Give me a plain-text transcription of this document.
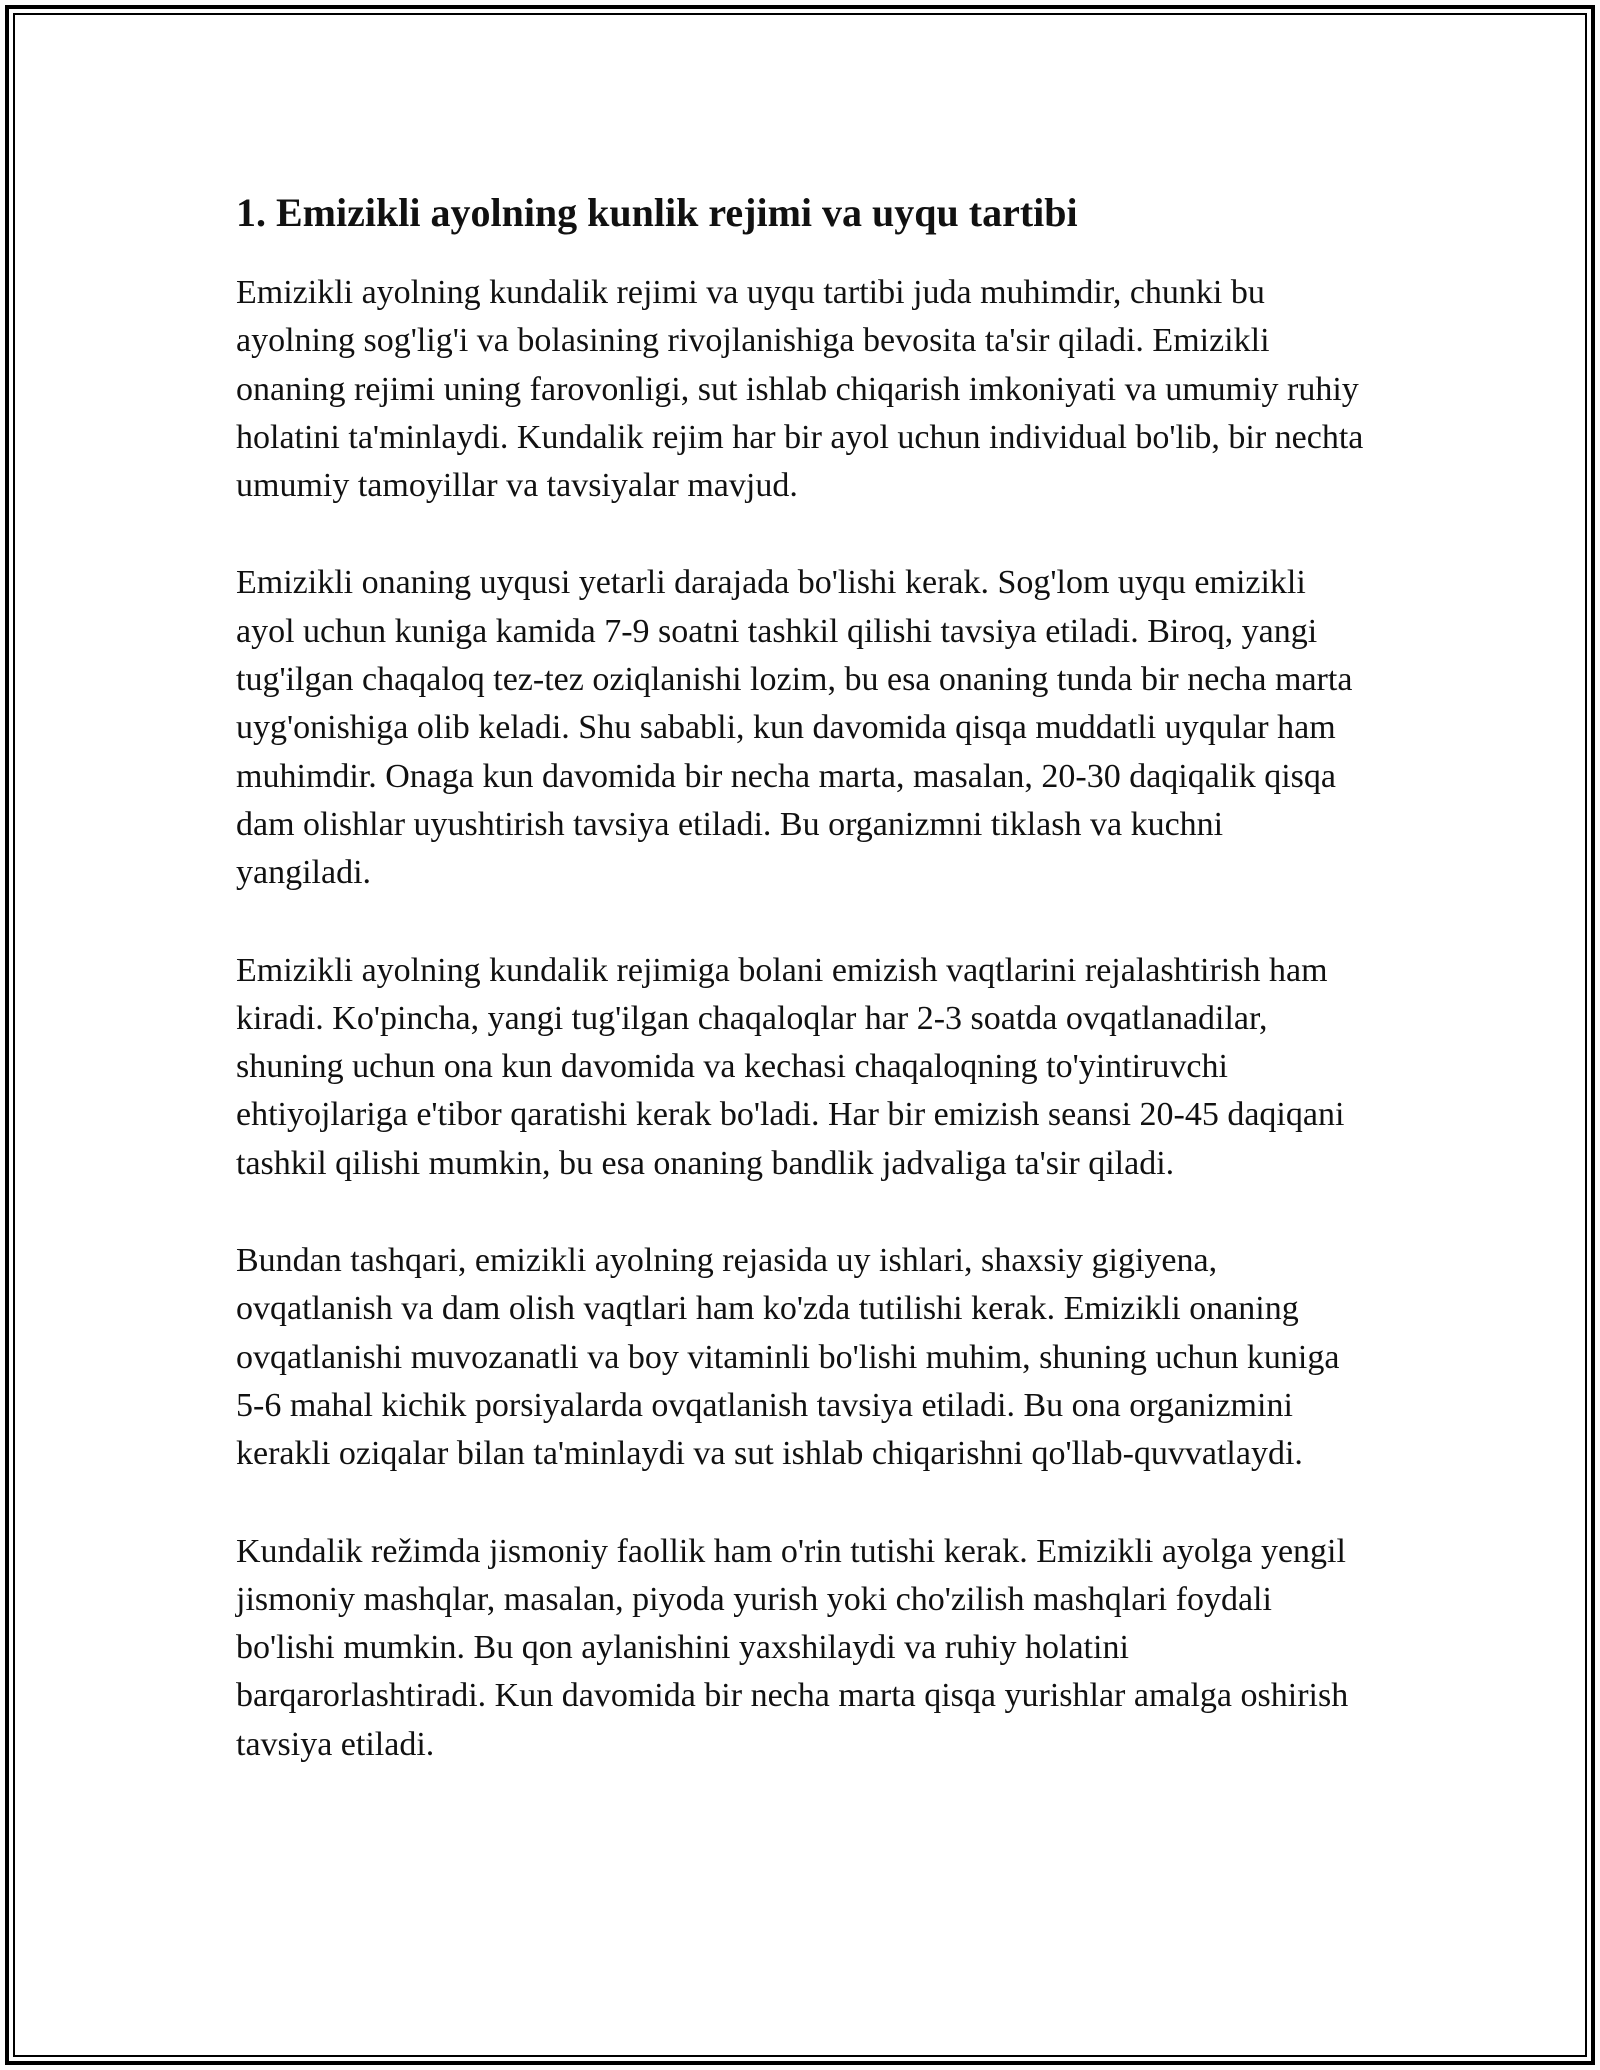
1. Emizikli ayolning kunlik rejimi va uyqu tartibi

Emizikli ayolning kundalik rejimi va uyqu tartibi juda muhimdir, chunki bu ayolning sog'lig'i va bolasining rivojlanishiga bevosita ta'sir qiladi. Emizikli onaning rejimi uning farovonligi, sut ishlab chiqarish imkoniyati va umumiy ruhiy holatini ta'minlaydi. Kundalik rejim har bir ayol uchun individual bo'lib, bir nechta umumiy tamoyillar va tavsiyalar mavjud.

Emizikli onaning uyqusi yetarli darajada bo'lishi kerak. Sog'lom uyqu emizikli ayol uchun kuniga kamida 7-9 soatni tashkil qilishi tavsiya etiladi. Biroq, yangi tug'ilgan chaqaloq tez-tez oziqlanishi lozim, bu esa onaning tunda bir necha marta uyg'onishiga olib keladi. Shu sababli, kun davomida qisqa muddatli uyqular ham muhimdir. Onaga kun davomida bir necha marta, masalan, 20-30 daqiqalik qisqa dam olishlar uyushtirish tavsiya etiladi. Bu organizmni tiklash va kuchni yangiladi.

Emizikli ayolning kundalik rejimiga bolani emizish vaqtlarini rejalashtirish ham kiradi. Ko'pincha, yangi tug'ilgan chaqaloqlar har 2-3 soatda ovqatlanadilar, shuning uchun ona kun davomida va kechasi chaqaloqning to'yintiruvchi ehtiyojlariga e'tibor qaratishi kerak bo'ladi. Har bir emizish seansi 20-45 daqiqani tashkil qilishi mumkin, bu esa onaning bandlik jadvaliga ta'sir qiladi.

Bundan tashqari, emizikli ayolning rejasida uy ishlari, shaxsiy gigiyena, ovqatlanish va dam olish vaqtlari ham ko'zda tutilishi kerak. Emizikli onaning ovqatlanishi muvozanatli va boy vitaminli bo'lishi muhim, shuning uchun kuniga 5-6 mahal kichik porsiyalarda ovqatlanish tavsiya etiladi. Bu ona organizmini kerakli oziqalar bilan ta'minlaydi va sut ishlab chiqarishni qo'llab-quvvatlaydi.

Kundalik režimda jismoniy faollik ham o'rin tutishi kerak. Emizikli ayolga yengil jismoniy mashqlar, masalan, piyoda yurish yoki cho'zilish mashqlari foydali bo'lishi mumkin. Bu qon aylanishini yaxshilaydi va ruhiy holatini barqarorlashtiradi. Kun davomida bir necha marta qisqa yurishlar amalga oshirish tavsiya etiladi.
